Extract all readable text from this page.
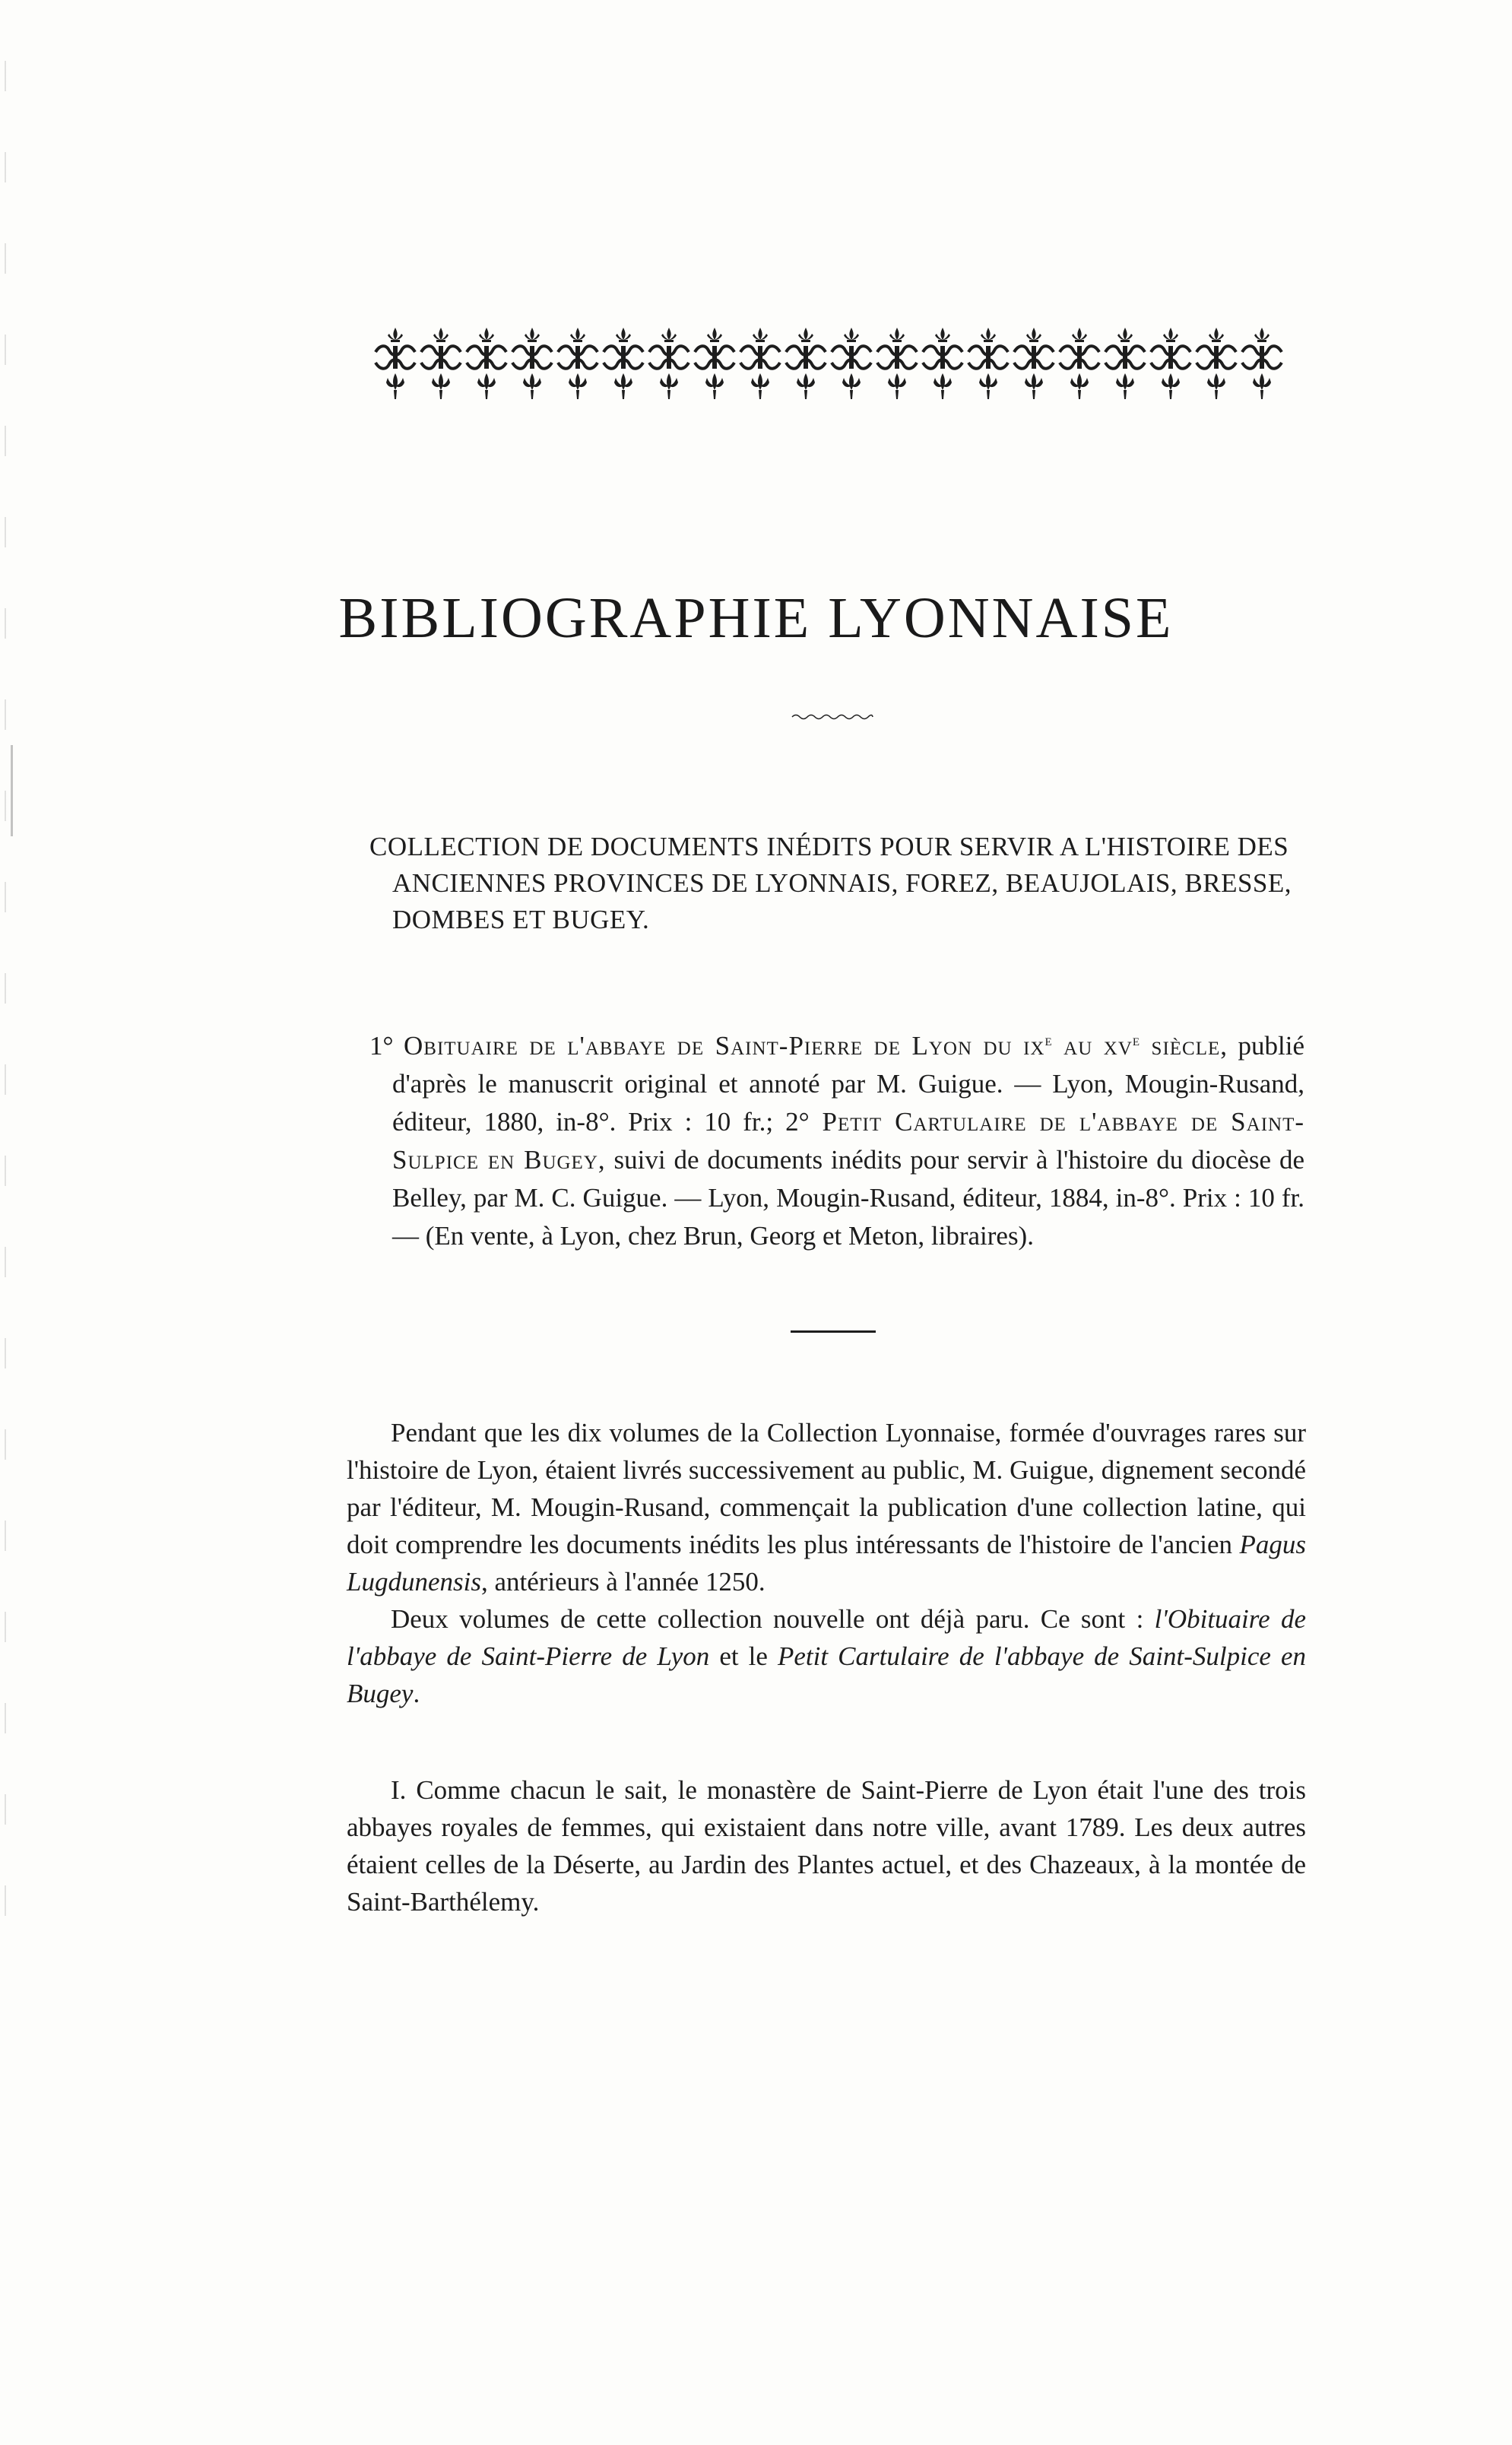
BIBLIOGRAPHIE LYONNAISE

COLLECTION DE DOCUMENTS INÉDITS POUR SERVIR A L'HISTOIRE DES ANCIENNES PROVINCES DE LYONNAIS, FOREZ, BEAUJOLAIS, BRESSE, DOMBES ET BUGEY.

1° Obituaire de l'abbaye de Saint-Pierre de Lyon du $ix^e$ au $xv^e$ siècle, publié d'après le manuscrit original et annoté par M. Guigue. — Lyon, Mougin-Rusand, éditeur, 1880, in-8°. Prix : 10 fr.; 2° Petit Cartulaire de l'abbaye de Saint-Sulpice en Bugey, suivi de documents inédits pour servir à l'histoire du diocèse de Belley, par M. C. Guigue. — Lyon, Mougin-Rusand, éditeur, 1884, in-8°. Prix : 10 fr. — (En vente, à Lyon, chez Brun, Georg et Meton, libraires).

Pendant que les dix volumes de la Collection Lyonnaise, formée d'ouvrages rares sur l'histoire de Lyon, étaient livrés successivement au public, M. Guigue, dignement secondé par l'éditeur, M. Mougin-Rusand, commençait la publication d'une collection latine, qui doit comprendre les documents inédits les plus intéressants de l'histoire de l'ancien Pagus Lugdunensis, antérieurs à l'année 1250.

Deux volumes de cette collection nouvelle ont déjà paru. Ce sont : l'Obituaire de l'abbaye de Saint-Pierre de Lyon et le Petit Cartulaire de l'abbaye de Saint-Sulpice en Bugey.

I. Comme chacun le sait, le monastère de Saint-Pierre de Lyon était l'une des trois abbayes royales de femmes, qui existaient dans notre ville, avant 1789. Les deux autres étaient celles de la Déserte, au Jardin des Plantes actuel, et des Chazeaux, à la montée de Saint-Barthélemy.
